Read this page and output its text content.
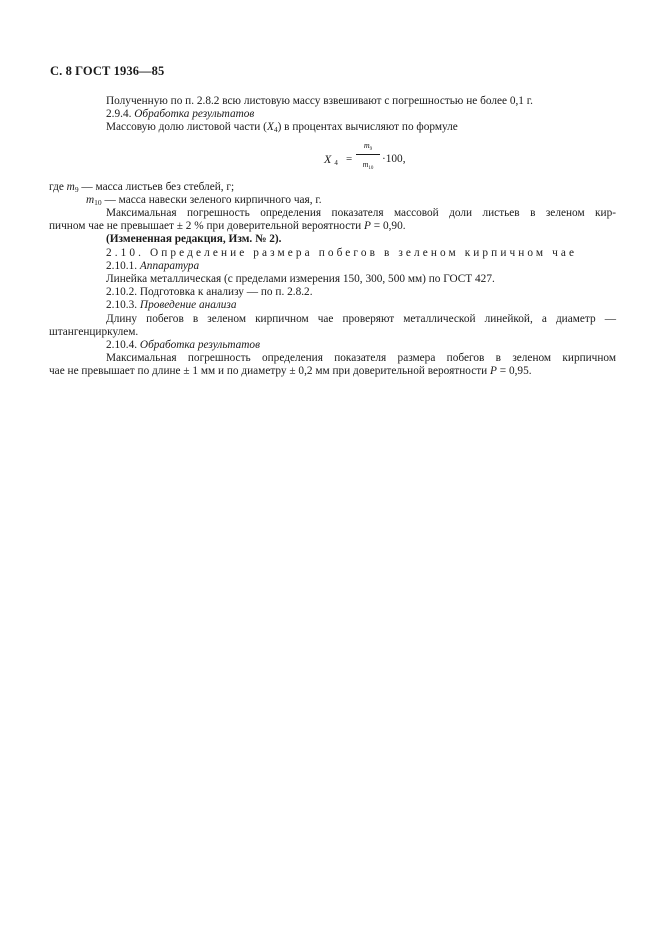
С. 8 ГОСТ 1936—85
Полученную по п. 2.8.2 всю листовую массу взвешивают с погрешностью не более 0,1 г.
2.9.4. Обработка результатов
Массовую долю листовой части $(X_4)$ в процентах вычисляют по формуле
X $_4 = \frac{m_9}{m_{10}} \cdot 100$,
где $m_9$ — масса листьев без стеблей, г;
$m_{10}$ — масса навески зеленого кирпичного чая, г.
Максимальная погрешность определения показателя массовой доли листьев в зеленом кир-
пичном чае не превышает ± 2 % при доверительной вероятности P = 0,90.
(Измененная редакция, Изм. № 2).
2.10. Определение размера побегов в зеленом кирпичном чае
2.10.1. Аппаратура
Линейка металлическая (с пределами измерения 150, 300, 500 мм) по ГОСТ 427.
2.10.2. Подготовка к анализу — по п. 2.8.2.
2.10.3. Проведение анализа
Длину побегов в зеленом кирпичном чае проверяют металлической линейкой, а диаметр —
штангенциркулем.
2.10.4. Обработка результатов
Максимальная погрешность определения показателя размера побегов в зеленом кирпичном
чае не превышает по длине ± 1 мм и по диаметру ± 0,2 мм при доверительной вероятности P = 0,95.
